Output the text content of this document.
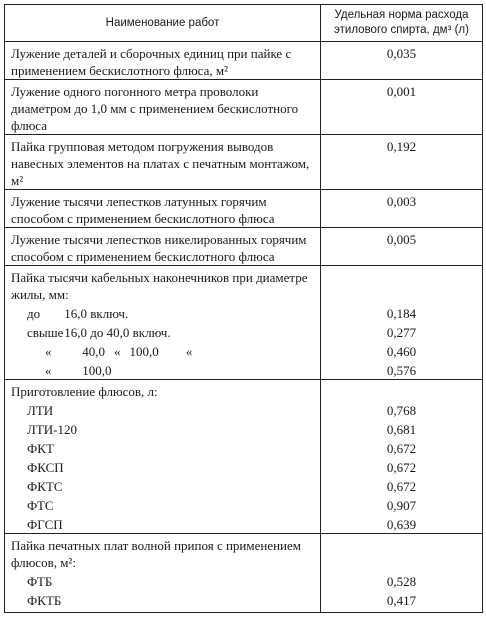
Наименование работ	Удельная норма расхода этилового спирта, дм³ (л)
Лужение деталей и сборочных единиц при пайке с применением бескислотного флюса, м²	0,035
Лужение одного погонного метра проволоки диаметром до 1,0 мм с применением бескислотного флюса	0,001
Пайка групповая методом погружения выводов навесных элементов на платах с печатным монтажом, м²	0,192
Лужение тысячи лепестков латунных горячим способом с применением бескислотного флюса	0,003
Лужение тысячи лепестков никелированных горячим способом с применением бескислотного флюса	0,005
Пайка тысячи кабельных наконечников при диаметре жилы, мм:	
до 16,0 включ.	0,184
свыше 16,0 до 40,0 включ.	0,277
« 40,0 « 100,0 «	0,460
« 100,0	0,576
Приготовление флюсов, л:	
ЛТИ	0,768
ЛТИ-120	0,681
ФКТ	0,672
ФКСП	0,672
ФКТС	0,672
ФТС	0,907
ФГСП	0,639
Пайка печатных плат волной припоя с применением флюсов, м²:	
ФТБ	0,528
ФКТБ	0,417
